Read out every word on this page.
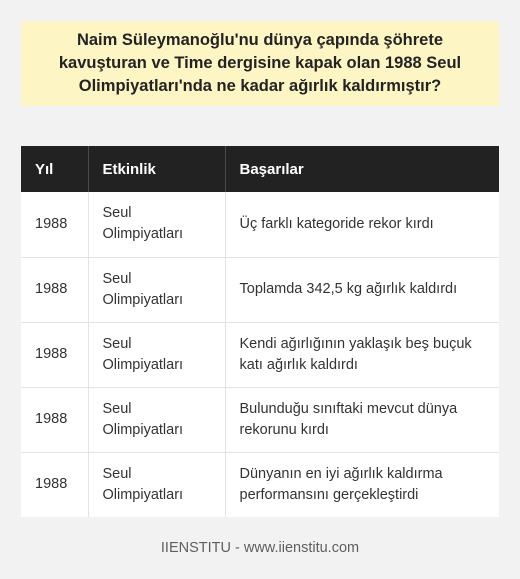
Naim Süleymanoğlu'nu dünya çapında şöhrete kavuşturan ve Time dergisine kapak olan 1988 Seul Olimpiyatları'nda ne kadar ağırlık kaldırmıştır?

Yıl	Etkinlik	Başarılar
1988	Seul Olimpiyatları	Üç farklı kategoride rekor kırdı
1988	Seul Olimpiyatları	Toplamda 342,5 kg ağırlık kaldırdı
1988	Seul Olimpiyatları	Kendi ağırlığının yaklaşık beş buçuk katı ağırlık kaldırdı
1988	Seul Olimpiyatları	Bulunduğu sınıftaki mevcut dünya rekorunu kırdı
1988	Seul Olimpiyatları	Dünyanın en iyi ağırlık kaldırma performansını gerçekleştirdi

IIENSTITU - www.iienstitu.com
